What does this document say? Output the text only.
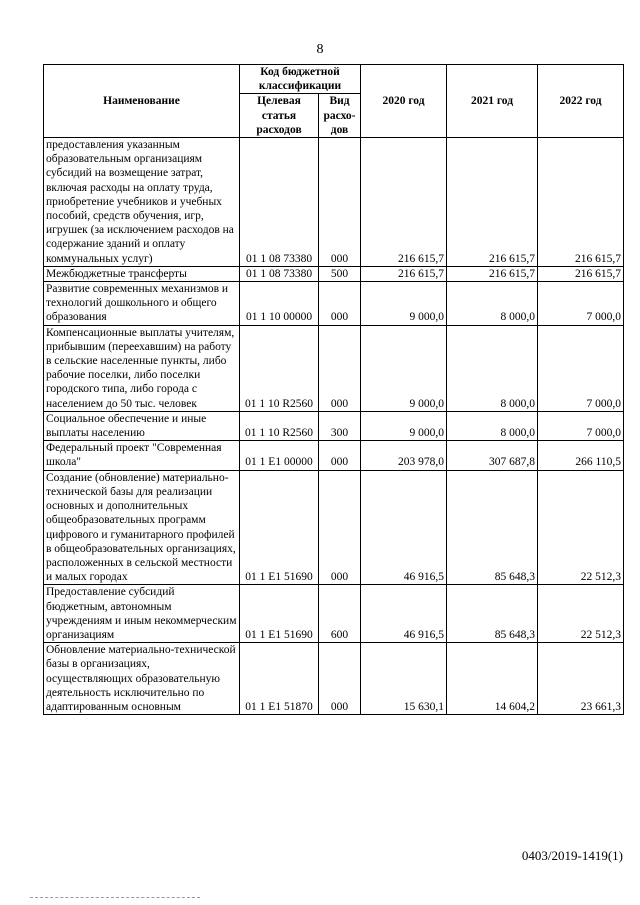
8
Наименование	Код бюджетной классификации		2020 год	2021 год	2022 год
	Целевая статья расходов	Вид расхо-дов			
предоставления указанным образовательным организациям субсидий на возмещение затрат, включая расходы на оплату труда, приобретение учебников и учебных пособий, средств обучения, игр, игрушек (за исключением расходов на содержание зданий и оплату коммунальных услуг)	01 1 08 73380	000	216 615,7	216 615,7	216 615,7
Межбюджетные трансферты	01 1 08 73380	500	216 615,7	216 615,7	216 615,7
Развитие современных механизмов и технологий дошкольного и общего образования	01 1 10 00000	000	9 000,0	8 000,0	7 000,0
Компенсационные выплаты учителям, прибывшим (переехавшим) на работу в сельские населенные пункты, либо рабочие поселки, либо поселки городского типа, либо города с населением до 50 тыс. человек	01 1 10 R2560	000	9 000,0	8 000,0	7 000,0
Социальное обеспечение и иные выплаты населению	01 1 10 R2560	300	9 000,0	8 000,0	7 000,0
Федеральный проект "Современная школа"	01 1 E1 00000	000	203 978,0	307 687,8	266 110,5
Создание (обновление) материально-технической базы для реализации основных и дополнительных общеобразовательных программ цифрового и гуманитарного профилей в общеобразовательных организациях, расположенных в сельской местности и малых городах	01 1 E1 51690	000	46 916,5	85 648,3	22 512,3
Предоставление субсидий бюджетным, автономным учреждениям и иным некоммерческим организациям	01 1 E1 51690	600	46 916,5	85 648,3	22 512,3
Обновление материально-технической базы в организациях, осуществляющих образовательную деятельность исключительно по адаптированным основным	01 1 E1 51870	000	15 630,1	14 604,2	23 661,3
0403/2019-1419(1)
